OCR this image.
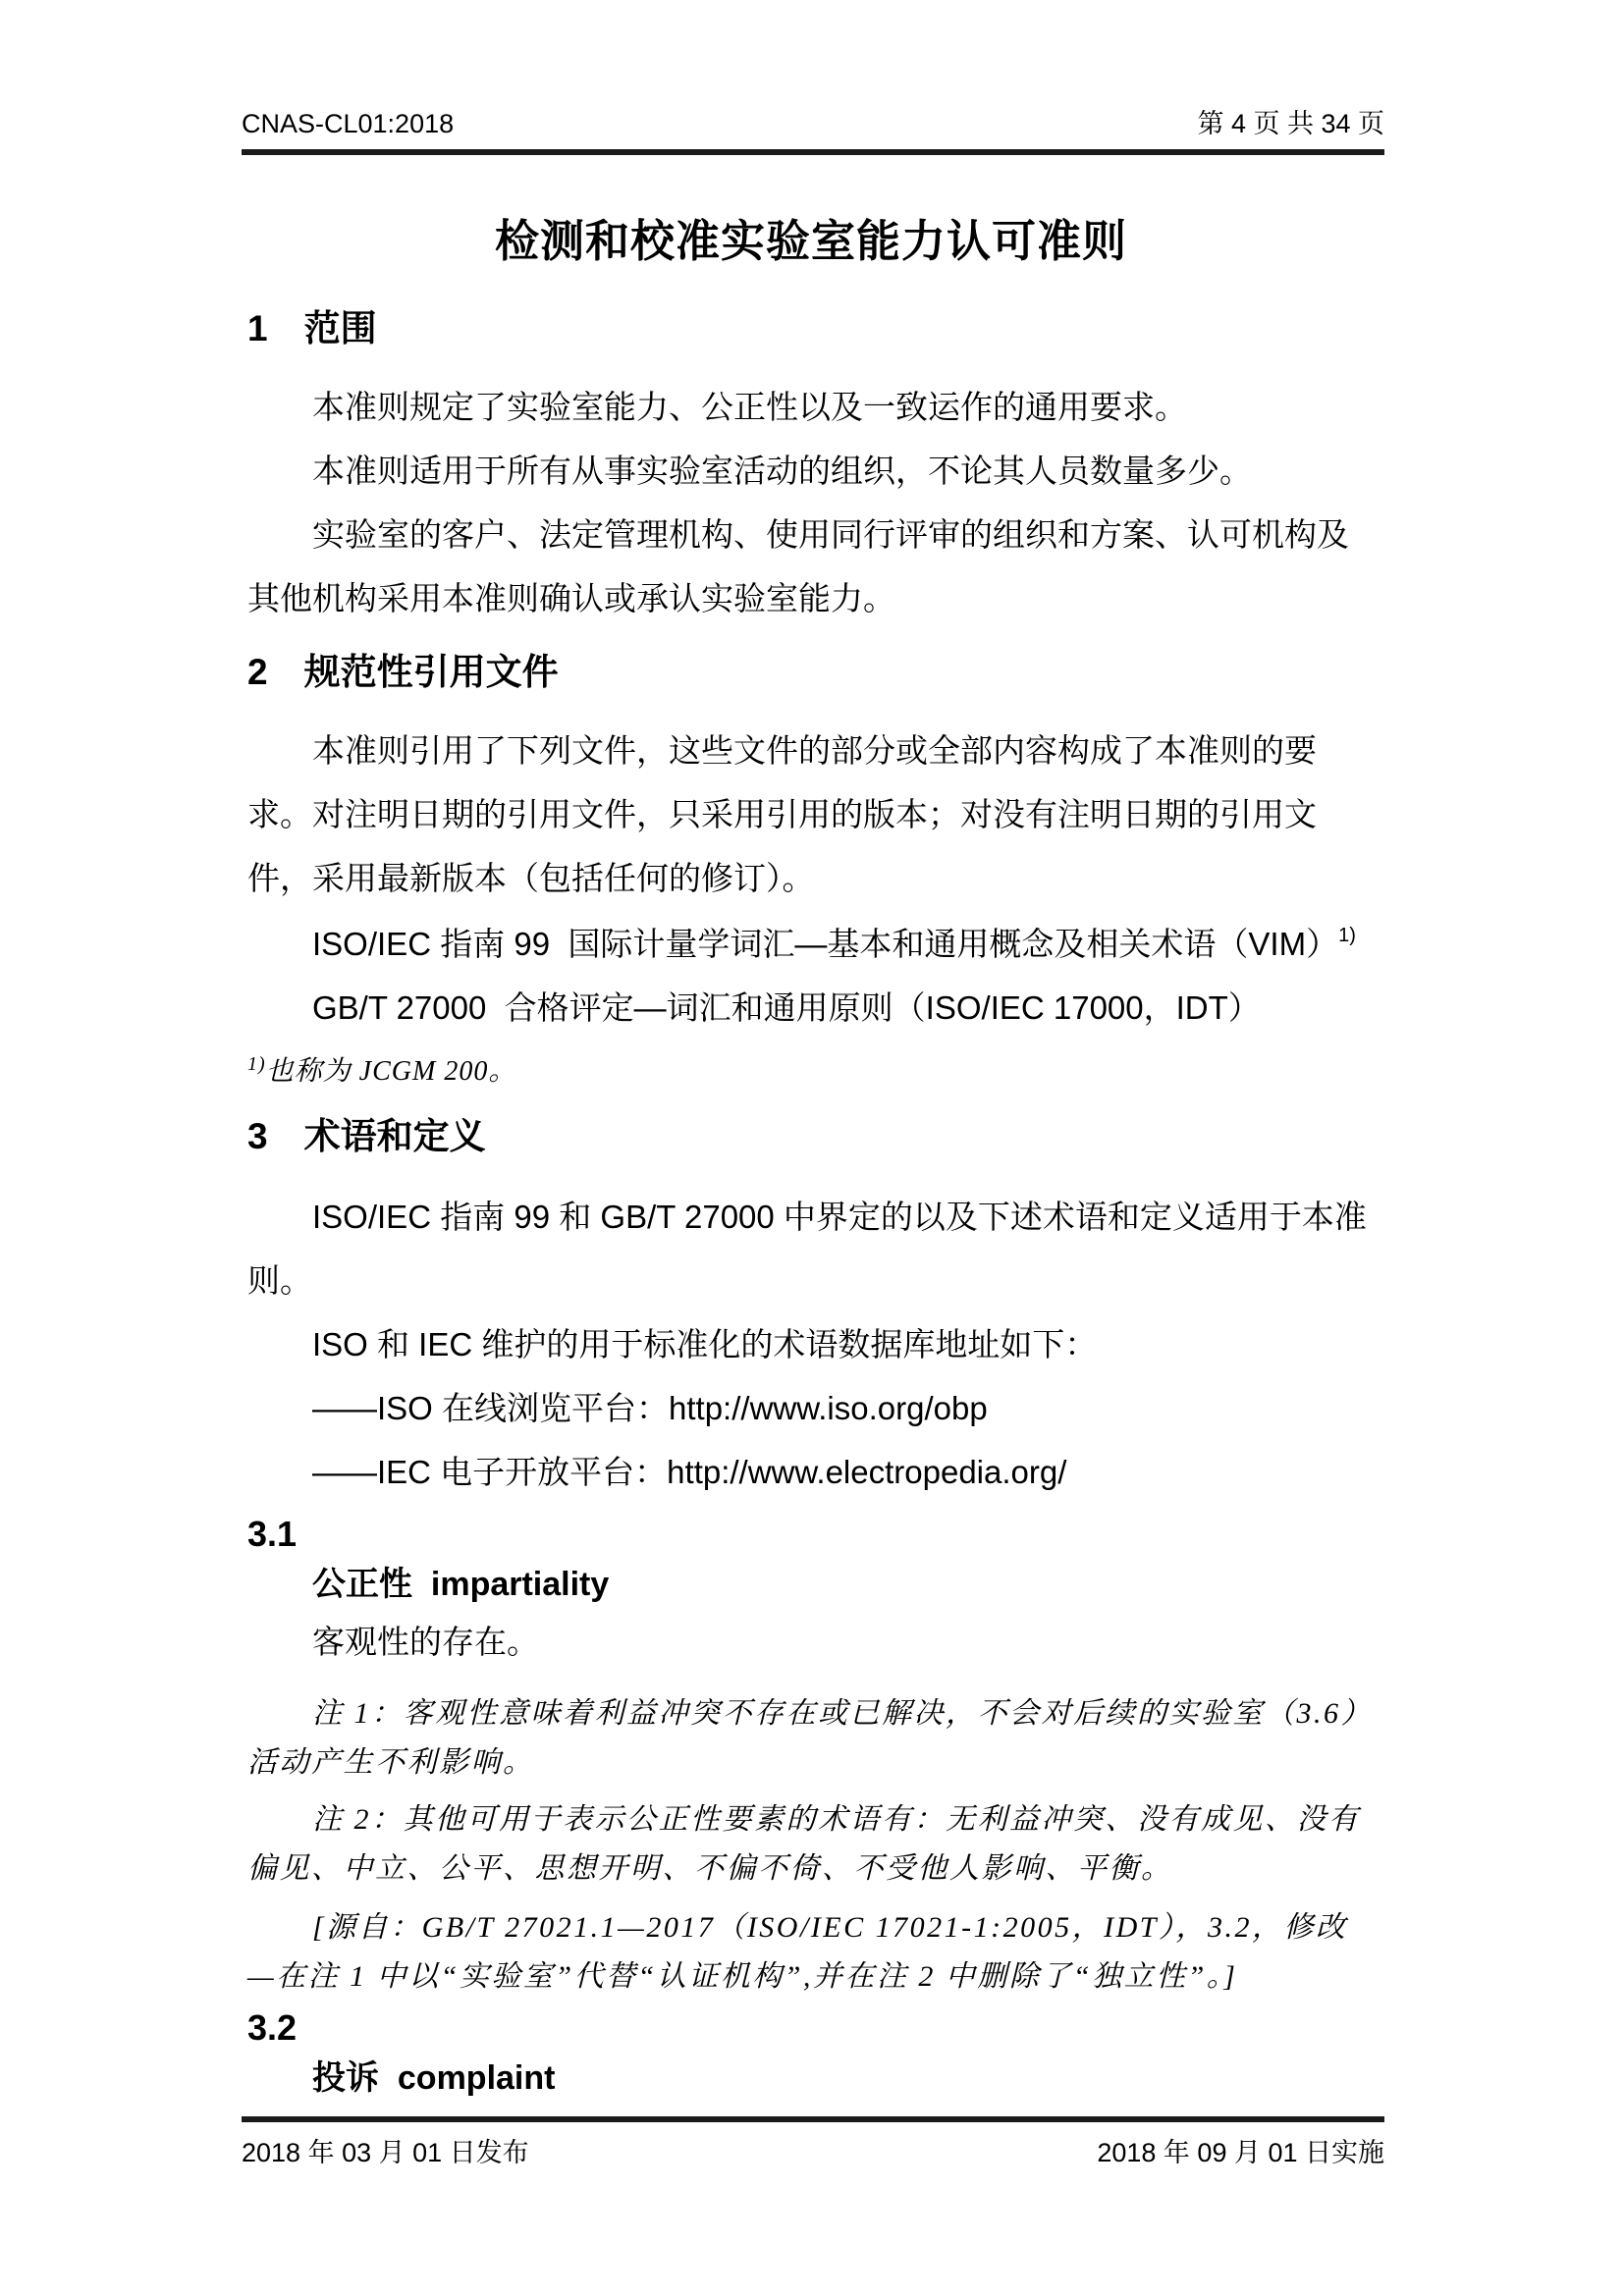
CNAS-CL01:2018	第 4 页 共 34 页
检测和校准实验室能力认可准则
1　范围

本准则规定了实验室能力、公正性以及一致运作的通用要求。

本准则适用于所有从事实验室活动的组织，不论其人员数量多少。

实验室的客户、法定管理机构、使用同行评审的组织和方案、认可机构及其他机构采用本准则确认或承认实验室能力。

2　规范性引用文件

本准则引用了下列文件，这些文件的部分或全部内容构成了本准则的要求。对注明日期的引用文件，只采用引用的版本；对没有注明日期的引用文件，采用最新版本（包括任何的修订）。

ISO/IEC 指南 99  国际计量学词汇—基本和通用概念及相关术语（VIM）$^{1)}$

GB/T 27000  合格评定—词汇和通用原则（ISO/IEC 17000，IDT）

$^{1)}$也称为 JCGM 200。

3　术语和定义

ISO/IEC 指南 99 和 GB/T 27000 中界定的以及下述术语和定义适用于本准则。

ISO 和 IEC 维护的用于标准化的术语数据库地址如下：

——ISO 在线浏览平台：http://www.iso.org/obp

——IEC 电子开放平台：http://www.electropedia.org/

3.1

公正性  impartiality

客观性的存在。

注 1：客观性意味着利益冲突不存在或已解决，不会对后续的实验室（3.6）活动产生不利影响。

注 2：其他可用于表示公正性要素的术语有：无利益冲突、没有成见、没有偏见、中立、公平、思想开明、不偏不倚、不受他人影响、平衡。

[源自：GB/T 27021.1—2017（ISO/IEC 17021-1:2005，IDT），3.2，修改—在注 1 中以“实验室”代替“认证机构”,并在注 2 中删除了“独立性”。]

3.2

投诉  complaint

2018 年 03 月 01 日发布	2018 年 09 月 01 日实施
